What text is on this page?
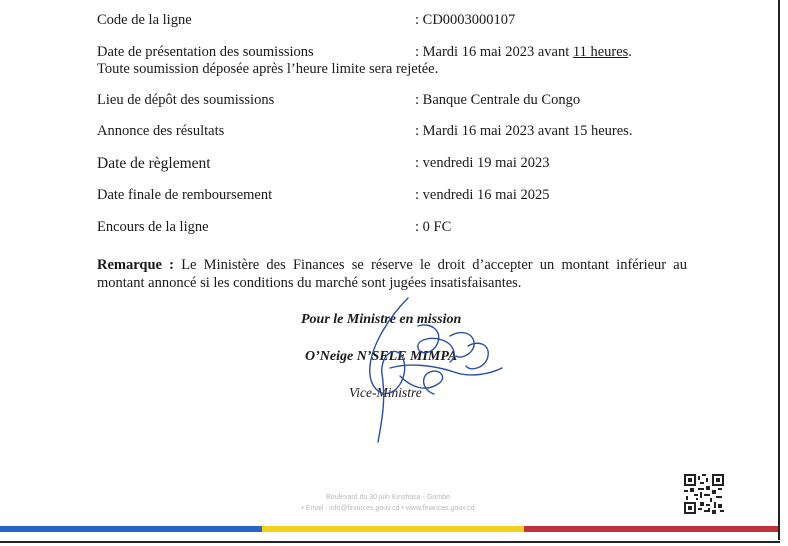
Code de la ligne	: CD0003000107
Date de présentation des soumissions	: Mardi 16 mai 2023 avant 11 heures.
Toute soumission déposée après l’heure limite sera rejetée.
Lieu de dépôt des soumissions	: Banque Centrale du Congo
Annonce des résultats	: Mardi 16 mai 2023 avant 15 heures.
Date de règlement	: vendredi 19 mai 2023
Date finale de remboursement	: vendredi 16 mai 2025
Encours de la ligne	: 0 FC
Remarque : Le Ministère des Finances se réserve le droit d’accepter un montant inférieur au montant annoncé si les conditions du marché sont jugées insatisfaisantes.
Pour le Ministre en mission
O’Neige N’SELE MIMPA
Vice-Ministre
Boulevard du 30 juin Kinshasa - Gombe
• Email : info@finances.gouv.cd • www.finances.gouv.cd
